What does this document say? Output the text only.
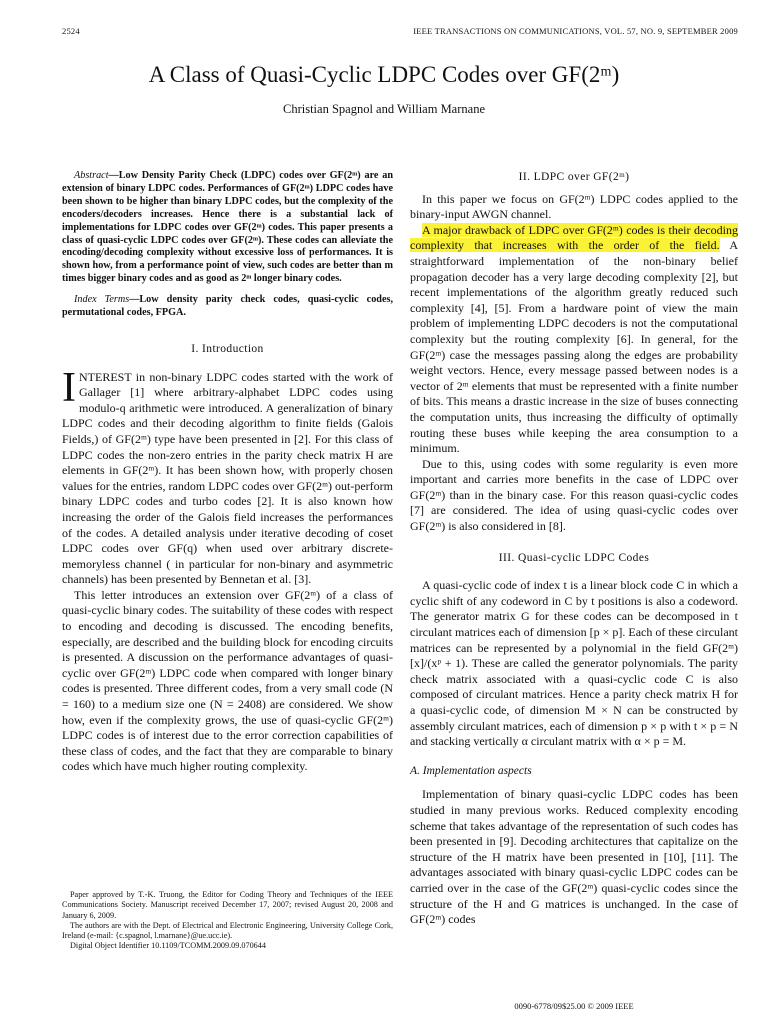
2524	IEEE TRANSACTIONS ON COMMUNICATIONS, VOL. 57, NO. 9, SEPTEMBER 2009
A Class of Quasi-Cyclic LDPC Codes over GF(2ᵐ)
Christian Spagnol and William Marnane

Abstract—Low Density Parity Check (LDPC) codes over GF(2ᵐ) are an extension of binary LDPC codes. Performances of GF(2ᵐ) LDPC codes have been shown to be higher than binary LDPC codes, but the complexity of the encoders/decoders increases. Hence there is a substantial lack of implementations for LDPC codes over GF(2ᵐ) codes. This paper presents a class of quasi-cyclic LDPC codes over GF(2ᵐ). These codes can alleviate the encoding/decoding complexity without excessive loss of performances. It is shown how, from a performance point of view, such codes are better than m times bigger binary codes and as good as 2ᵐ longer binary codes.

Index Terms—Low density parity check codes, quasi-cyclic codes, permutational codes, FPGA.

I. Introduction

INTEREST in non-binary LDPC codes started with the work of Gallager [1] where arbitrary-alphabet LDPC codes using modulo-q arithmetic were introduced. A generalization of binary LDPC codes and their decoding algorithm to finite fields (Galois Fields,) of GF(2ᵐ) type have been presented in [2]. For this class of LDPC codes the non-zero entries in the parity check matrix H are elements in GF(2ᵐ). It has been shown how, with properly chosen values for the entries, random LDPC codes over GF(2ᵐ) out-perform binary LDPC codes and turbo codes [2]. It is also known how increasing the order of the Galois field increases the performances of the codes. A detailed analysis under iterative decoding of coset LDPC codes over GF(q) when used over arbitrary discrete-memoryless channel ( in particular for non-binary and asymmetric channels) has been presented by Bennetan et al. [3].

This letter introduces an extension over GF(2ᵐ) of a class of quasi-cyclic binary codes. The suitability of these codes with respect to encoding and decoding is discussed. The encoding benefits, especially, are described and the building block for encoding circuits is presented. A discussion on the performance advantages of quasi-cyclic over GF(2ᵐ) LDPC code when compared with longer binary codes is presented. Three different codes, from a very small code (N = 160) to a medium size one (N = 2408) are considered. We show how, even if the complexity grows, the use of quasi-cyclic GF(2ᵐ) LDPC codes is of interest due to the error correction capabilities of these class of codes, and the fact that they are comparable to binary codes which have much higher routing complexity.

Paper approved by T.-K. Truong, the Editor for Coding Theory and Techniques of the IEEE Communications Society. Manuscript received December 17, 2007; revised August 20, 2008 and January 6, 2009.

The authors are with the Dept. of Electrical and Electronic Engineering, University College Cork, Ireland (e-mail: {c.spagnol, l.marnane}@ue.ucc.ie).

Digital Object Identifier 10.1109/TCOMM.2009.09.070644

II. LDPC over GF(2ᵐ)

In this paper we focus on GF(2ᵐ) LDPC codes applied to the binary-input AWGN channel.

A major drawback of LDPC over GF(2ᵐ) codes is their decoding complexity that increases with the order of the field. A straightforward implementation of the non-binary belief propagation decoder has a very large decoding complexity [2], but recent implementations of the algorithm greatly reduced such complexity [4], [5]. From a hardware point of view the main problem of implementing LDPC decoders is not the computational complexity but the routing complexity [6]. In general, for the GF(2ᵐ) case the messages passing along the edges are probability weight vectors. Hence, every message passed between nodes is a vector of 2ᵐ elements that must be represented with a finite number of bits. This means a drastic increase in the size of buses connecting the computation units, thus increasing the difficulty of optimally routing these buses while keeping the area consumption to a minimum.

Due to this, using codes with some regularity is even more important and carries more benefits in the case of LDPC over GF(2ᵐ) than in the binary case. For this reason quasi-cyclic codes [7] are considered. The idea of using quasi-cyclic codes over GF(2ᵐ) is also considered in [8].

III. Quasi-cyclic LDPC Codes

A quasi-cyclic code of index t is a linear block code C in which a cyclic shift of any codeword in C by t positions is also a codeword. The generator matrix G for these codes can be decomposed in t circulant matrices each of dimension [p × p]. Each of these circulant matrices can be represented by a polynomial in the field GF(2ᵐ)[x]/(xᵖ + 1). These are called the generator polynomials. The parity check matrix associated with a quasi-cyclic code C is also composed of circulant matrices. Hence a parity check matrix H for a quasi-cyclic code, of dimension M × N can be constructed by assembly circulant matrices, each of dimension p × p with t × p = N and stacking vertically α circulant matrix with α × p = M.

A. Implementation aspects

Implementation of binary quasi-cyclic LDPC codes has been studied in many previous works. Reduced complexity encoding scheme that takes advantage of the representation of such codes has been presented in [9]. Decoding architectures that capitalize on the structure of the H matrix have been presented in [10], [11]. The advantages associated with binary quasi-cyclic LDPC codes can be carried over in the case of the GF(2ᵐ) quasi-cyclic codes since the structure of the H and G matrices is unchanged. In the case of GF(2ᵐ) codes

0090-6778/09$25.00 © 2009 IEEE
